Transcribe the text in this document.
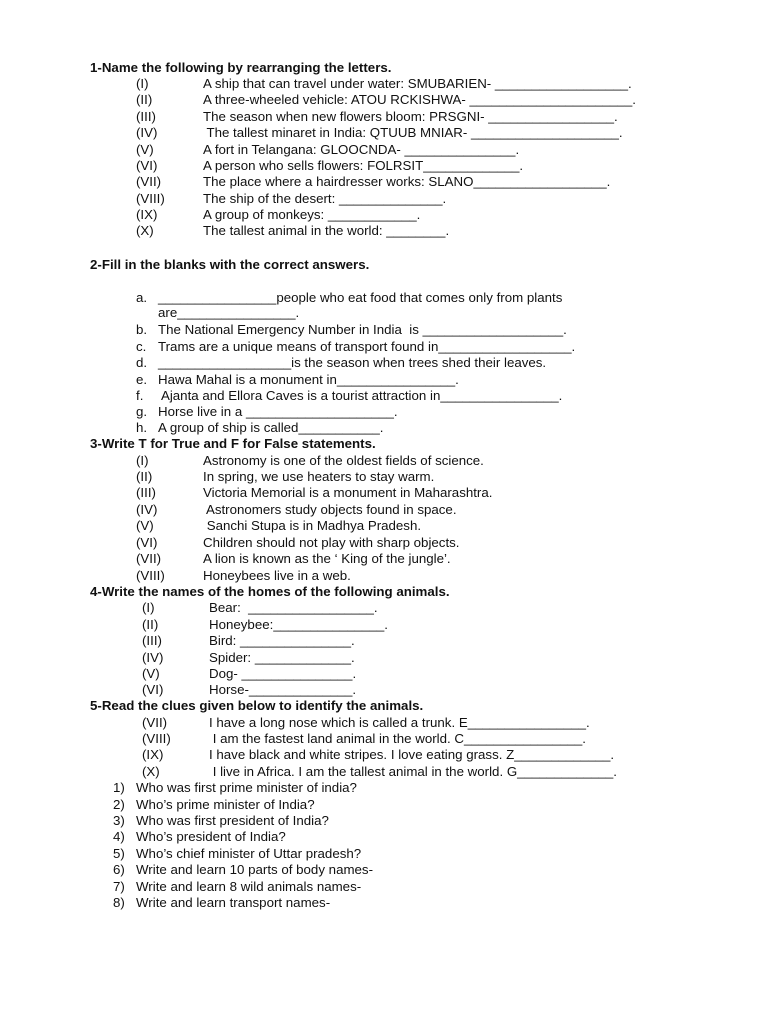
1-Name the following by rearranging the letters.
(I)	A ship that can travel under water: SMUBARIEN- __________________.
(II)	A three-wheeled vehicle: ATOU RCKISHWA- ______________________.
(III)	The season when new flowers bloom: PRSGNI- _________________.
(IV)	The tallest minaret in India: QTUUB MNIAR- ____________________.
(V)	A fort in Telangana: GLOOCNDA- _______________.
(VI)	A person who sells flowers: FOLRSIT_____________.
(VII)	The place where a hairdresser works: SLANO__________________.
(VIII)	The ship of the desert: ______________.
(IX)	A group of monkeys: ____________.
(X)	The tallest animal in the world: ________.
2-Fill in the blanks with the correct answers.
a. ________________people who eat food that comes only from plants
are________________.
b. The National Emergency Number in India  is ___________________.
c. Trams are a unique means of transport found in__________________.
d. __________________is the season when trees shed their leaves.
e. Hawa Mahal is a monument in________________.
f. Ajanta and Ellora Caves is a tourist attraction in________________.
g. Horse live in a ____________________.
h. A group of ship is called___________.
3-Write T for True and F for False statements.
(I)	Astronomy is one of the oldest fields of science.
(II)	In spring, we use heaters to stay warm.
(III)	Victoria Memorial is a monument in Maharashtra.
(IV)	Astronomers study objects found in space.
(V)	Sanchi Stupa is in Madhya Pradesh.
(VI)	Children should not play with sharp objects.
(VII)	A lion is known as the ‘ King of the jungle’.
(VIII)	Honeybees live in a web.
4-Write the names of the homes of the following animals.
(I)	Bear:  _________________.
(II)	Honeybee:_______________.
(III)	Bird: _______________.
(IV)	Spider: _____________.
(V)	Dog- _______________.
(VI)	Horse-______________.
5-Read the clues given below to identify the animals.
(VII)	I have a long nose which is called a trunk. E________________.
(VIII)	I am the fastest land animal in the world. C________________.
(IX)	I have black and white stripes. I love eating grass. Z_____________.
(X)	I live in Africa. I am the tallest animal in the world. G_____________.
1) Who was first prime minister of india?
2) Who’s prime minister of India?
3) Who was first president of India?
4) Who’s president of India?
5) Who’s chief minister of Uttar pradesh?
6) Write and learn 10 parts of body names-
7) Write and learn 8 wild animals names-
8) Write and learn transport names-
